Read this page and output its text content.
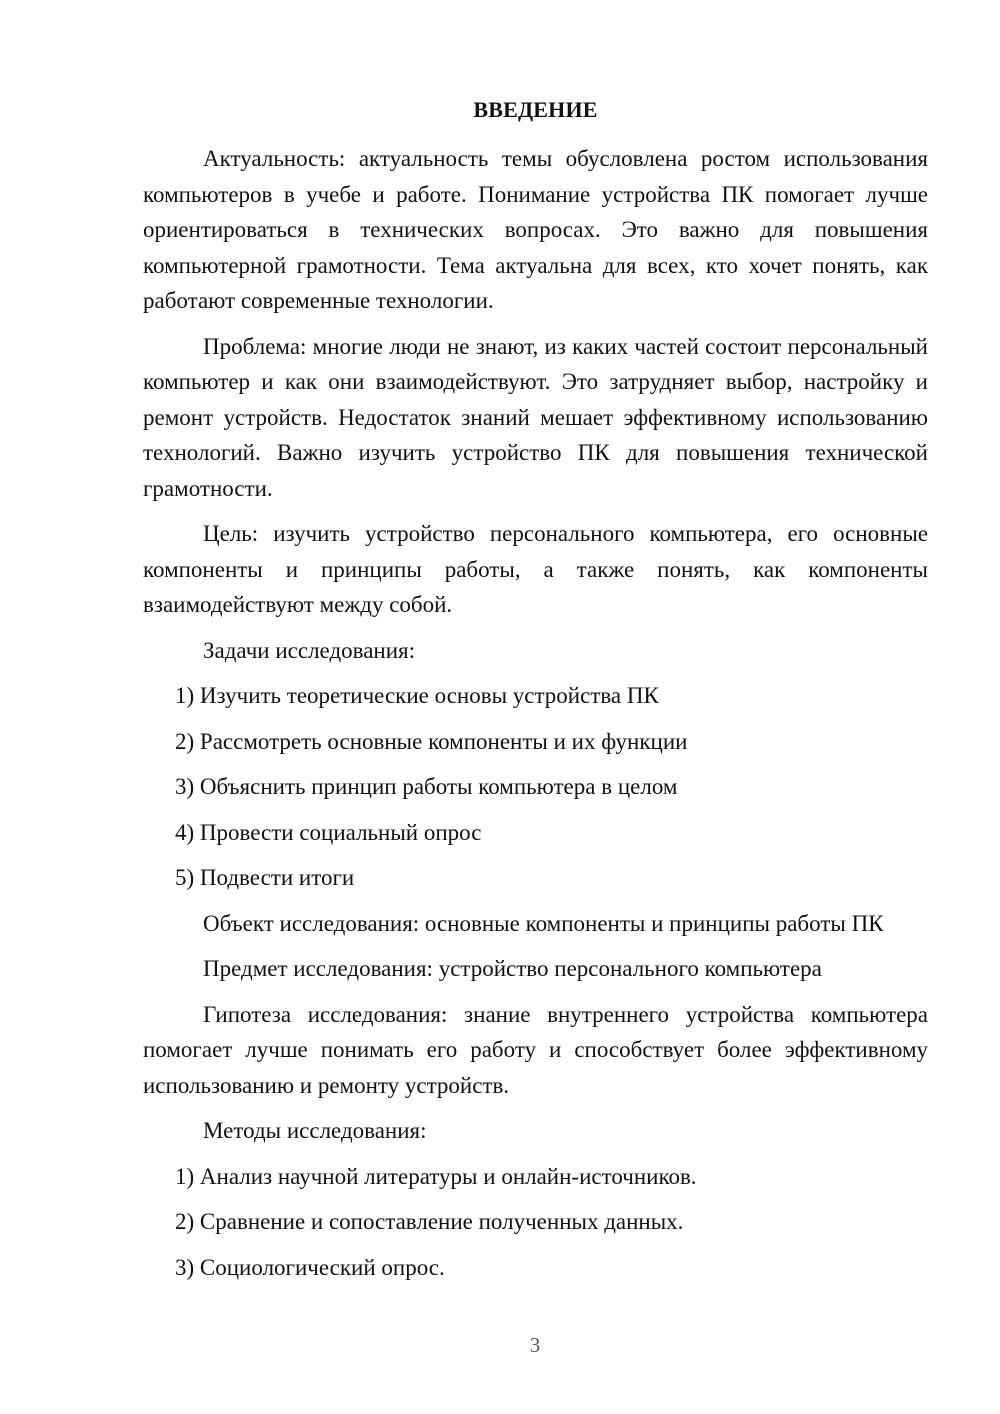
ВВЕДЕНИЕ

Актуальность: актуальность темы обусловлена ростом использования компьютеров в учебе и работе. Понимание устройства ПК помогает лучше ориентироваться в технических вопросах. Это важно для повышения компьютерной грамотности. Тема актуальна для всех, кто хочет понять, как работают современные технологии.

Проблема: многие люди не знают, из каких частей состоит персональный компьютер и как они взаимодействуют. Это затрудняет выбор, настройку и ремонт устройств. Недостаток знаний мешает эффективному использованию технологий. Важно изучить устройство ПК для повышения технической грамотности.

Цель: изучить устройство персонального компьютера, его основные компоненты и принципы работы, а также понять, как компоненты взаимодействуют между собой.

Задачи исследования:

1) Изучить теоретические основы устройства ПК
2) Рассмотреть основные компоненты и их функции
3) Объяснить принцип работы компьютера в целом
4) Провести социальный опрос
5) Подвести итоги

Объект исследования: основные компоненты и принципы работы ПК

Предмет исследования: устройство персонального компьютера

Гипотеза исследования: знание внутреннего устройства компьютера помогает лучше понимать его работу и способствует более эффективному использованию и ремонту устройств.

Методы исследования:

1) Анализ научной литературы и онлайн-источников.
2) Сравнение и сопоставление полученных данных.
3) Социологический опрос.
3
